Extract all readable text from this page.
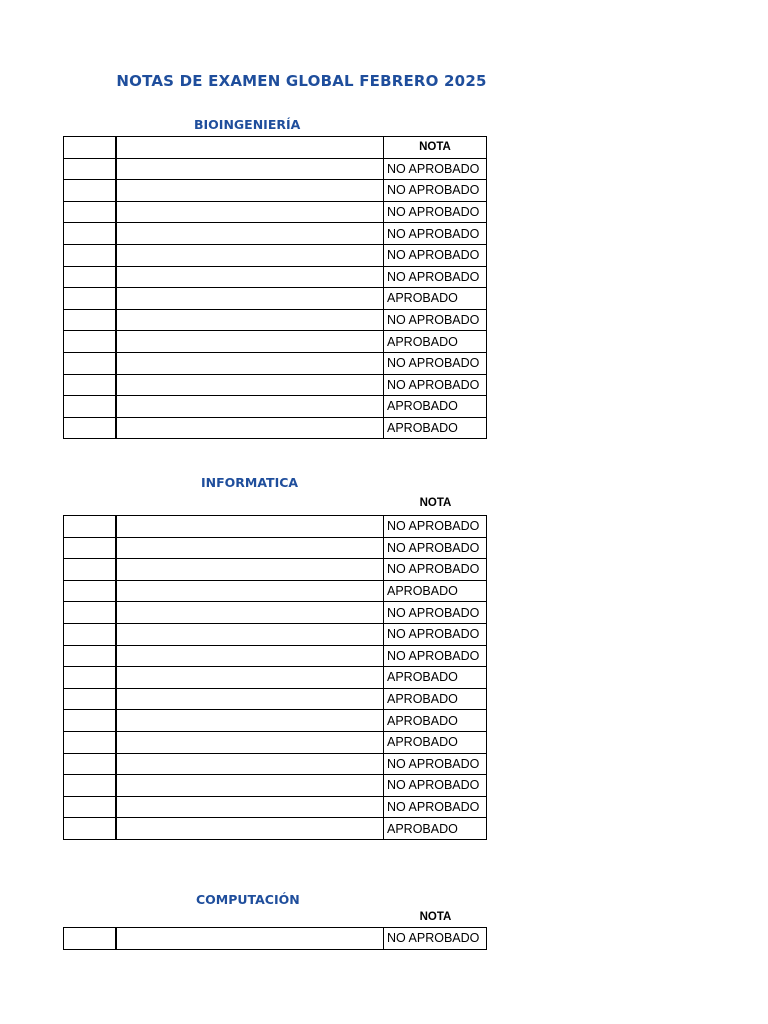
NOTAS DE EXAMEN GLOBAL FEBRERO 2025
BIOINGENIERÍA
		NOTA
		NO APROBADO
		NO APROBADO
		NO APROBADO
		NO APROBADO
		NO APROBADO
		NO APROBADO
		APROBADO
		NO APROBADO
		APROBADO
		NO APROBADO
		NO APROBADO
		APROBADO
		APROBADO
INFORMATICA
NOTA
		NO APROBADO
		NO APROBADO
		NO APROBADO
		APROBADO
		NO APROBADO
		NO APROBADO
		NO APROBADO
		APROBADO
		APROBADO
		APROBADO
		APROBADO
		NO APROBADO
		NO APROBADO
		NO APROBADO
		APROBADO
COMPUTACIÓN
NOTA
		NO APROBADO
